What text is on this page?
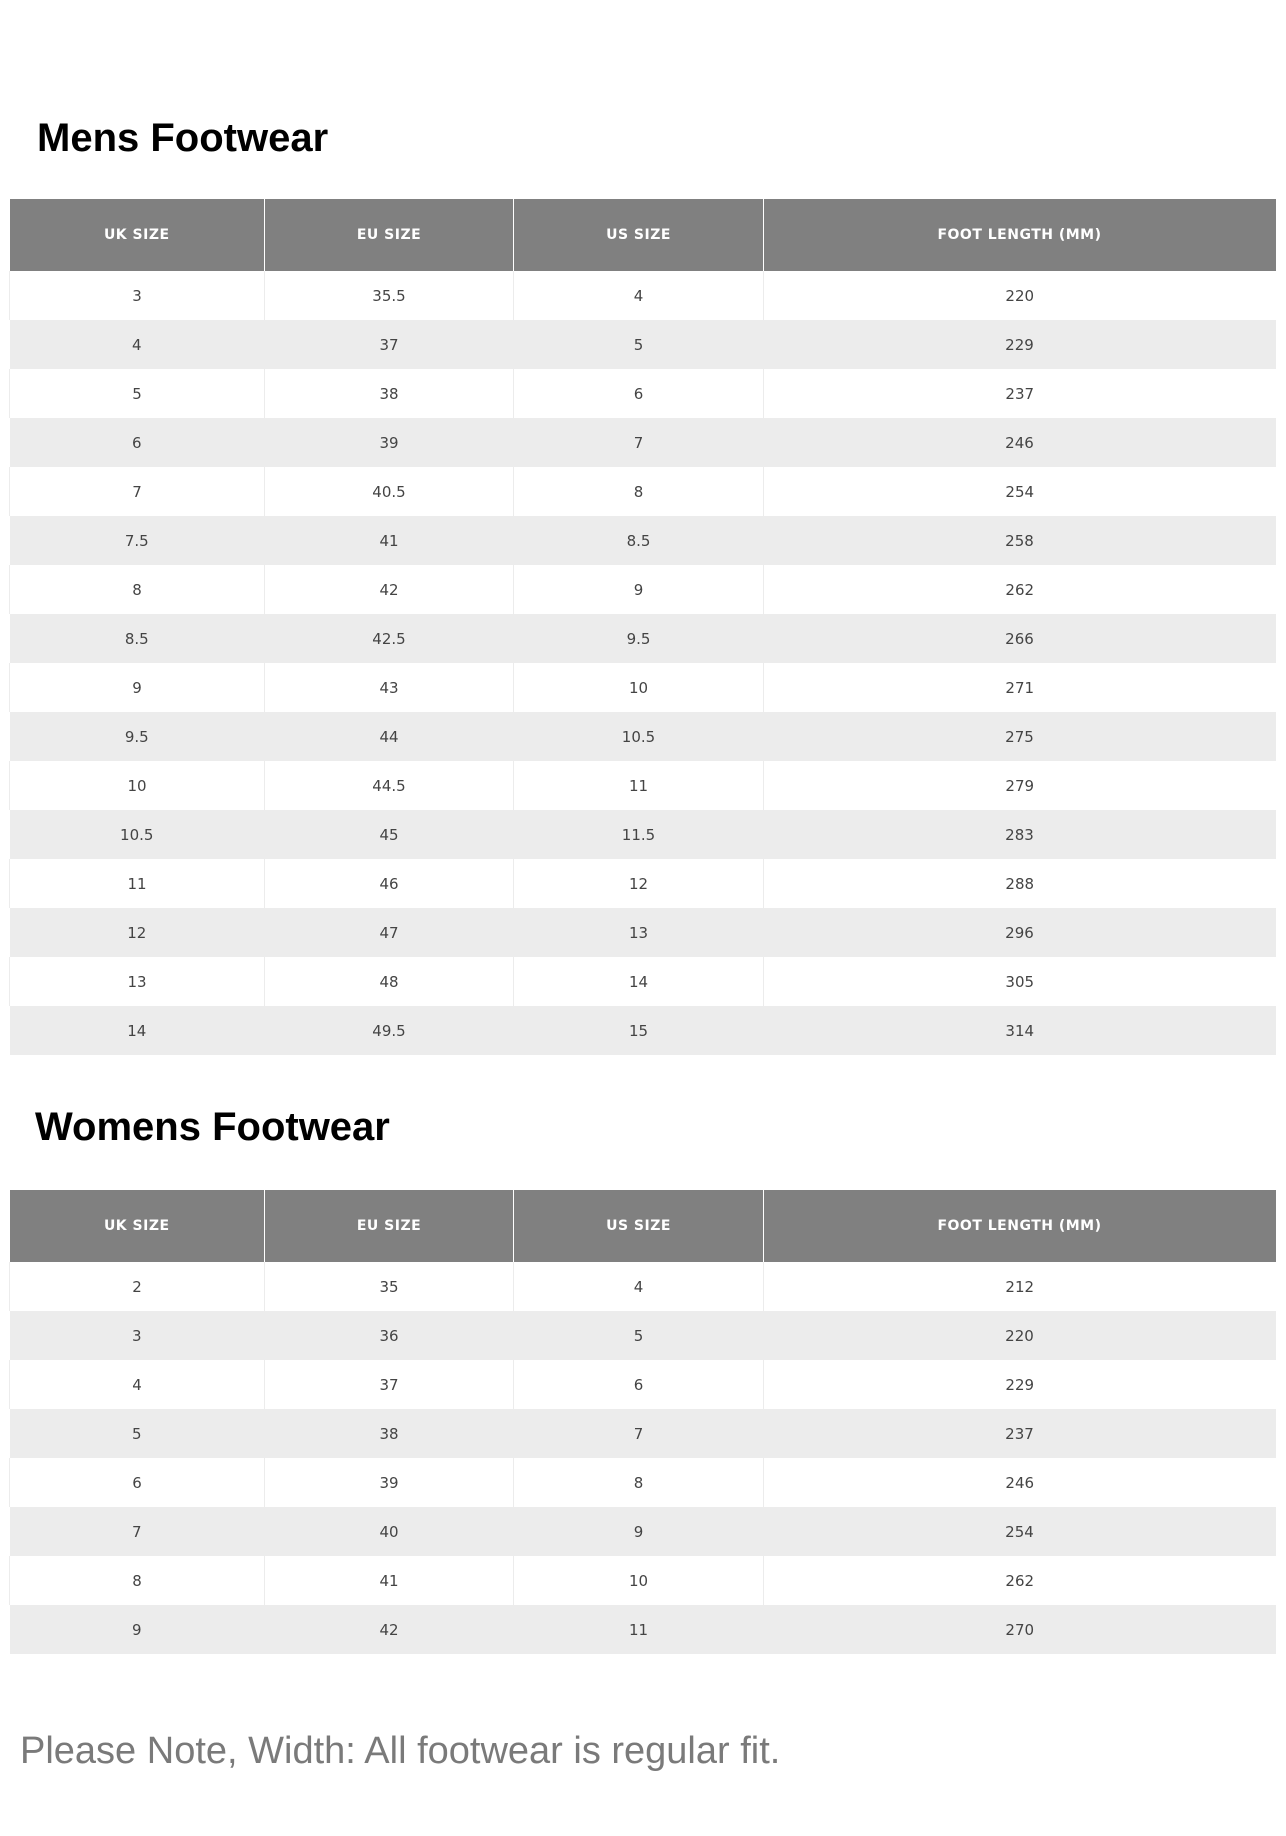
Mens Footwear
UK SIZE	EU SIZE	US SIZE	FOOT LENGTH (MM)
3	35.5	4	220
4	37	5	229
5	38	6	237
6	39	7	246
7	40.5	8	254
7.5	41	8.5	258
8	42	9	262
8.5	42.5	9.5	266
9	43	10	271
9.5	44	10.5	275
10	44.5	11	279
10.5	45	11.5	283
11	46	12	288
12	47	13	296
13	48	14	305
14	49.5	15	314
Womens Footwear
UK SIZE	EU SIZE	US SIZE	FOOT LENGTH (MM)
2	35	4	212
3	36	5	220
4	37	6	229
5	38	7	237
6	39	8	246
7	40	9	254
8	41	10	262
9	42	11	270

Please Note, Width: All footwear is regular fit.
